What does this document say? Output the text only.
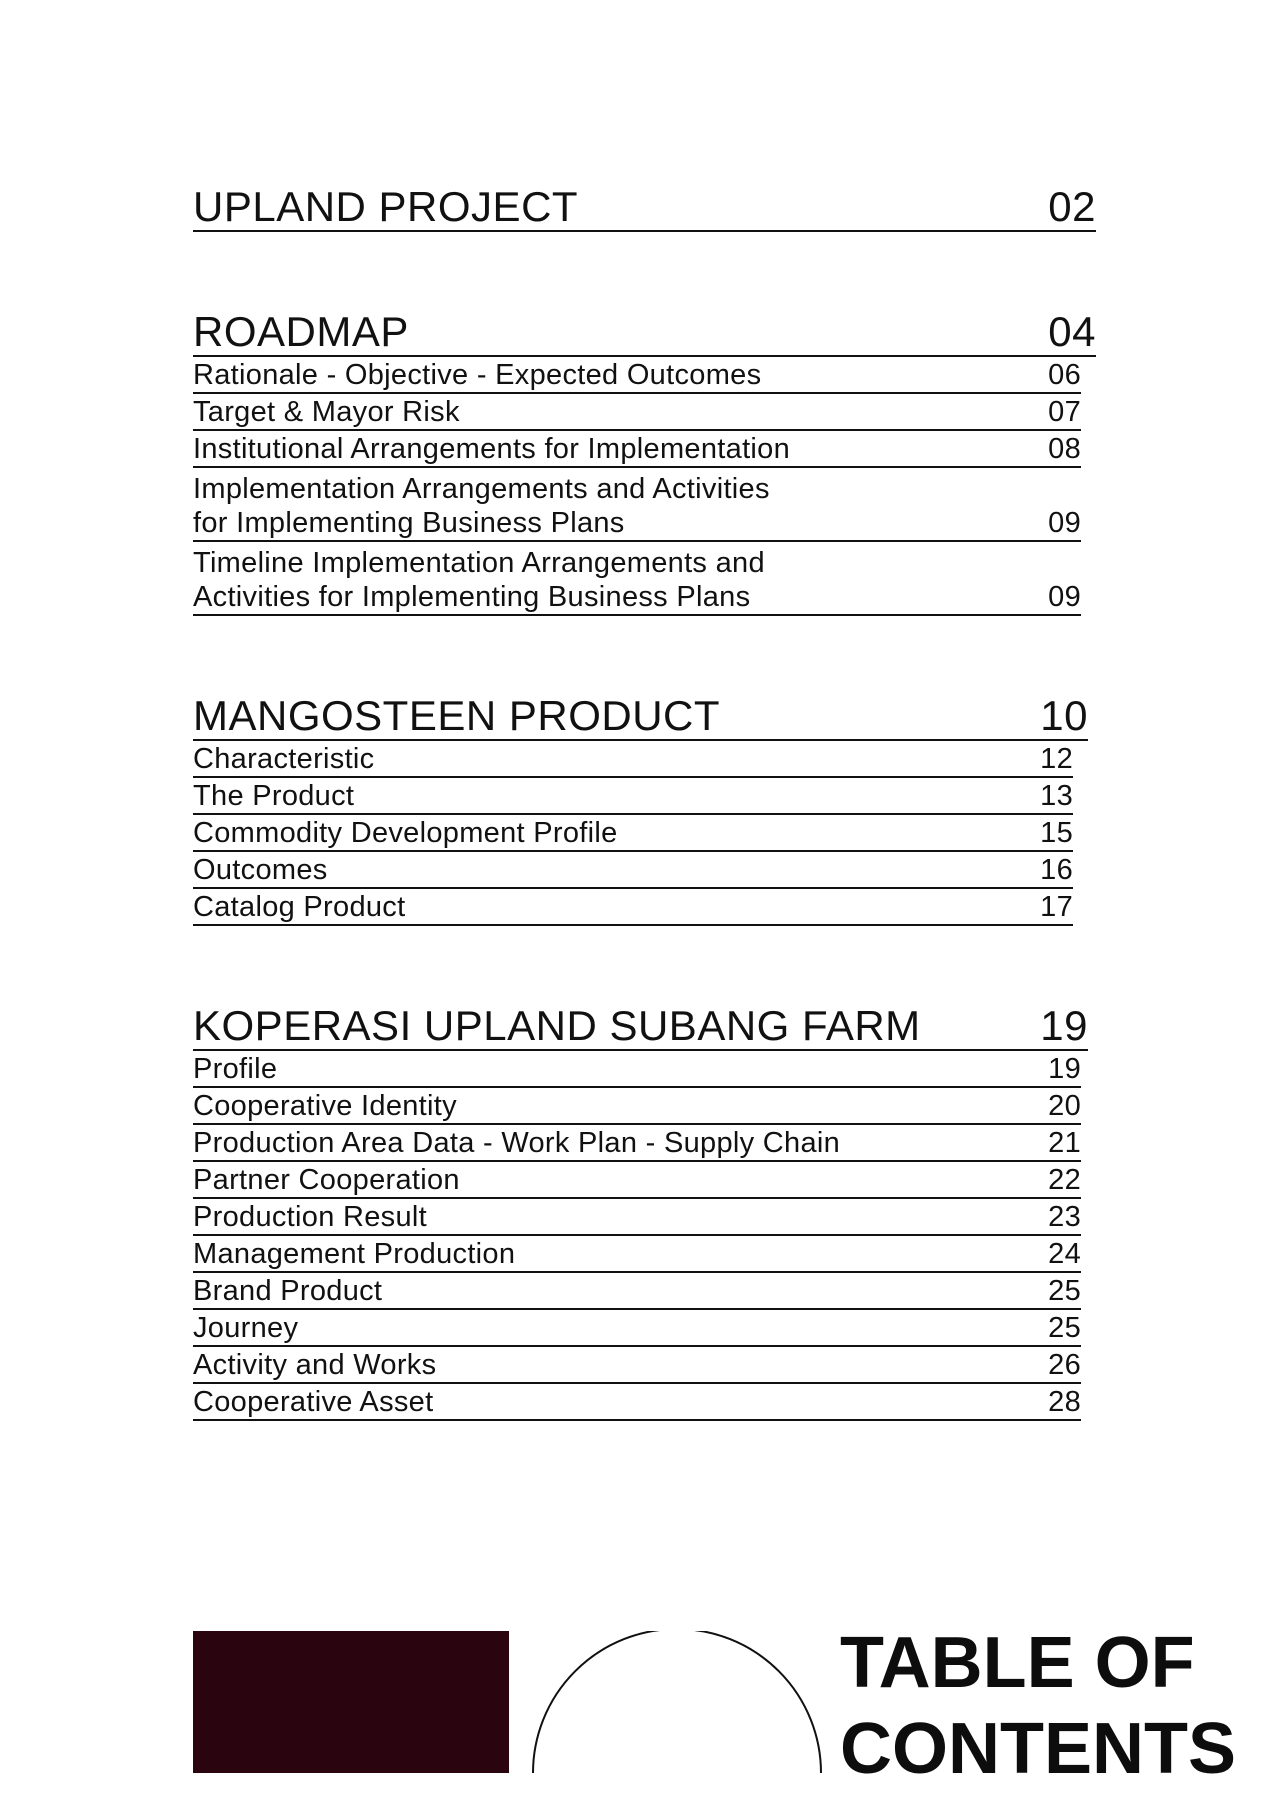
UPLAND PROJECT	02
ROADMAP	04
Rationale - Objective - Expected Outcomes	06
Target & Mayor Risk	07
Institutional Arrangements for Implementation	08
Implementation Arrangements and Activities
for Implementing Business Plans	09
Timeline Implementation Arrangements and
Activities for Implementing Business Plans	09
MANGOSTEEN PRODUCT	10
Characteristic	12
The Product	13
Commodity Development Profile	15
Outcomes	16
Catalog Product	17
KOPERASI UPLAND SUBANG FARM	19
Profile	19
Cooperative Identity	20
Production Area Data - Work Plan - Supply Chain	21
Partner Cooperation	22
Production Result	23
Management Production	24
Brand Product	25
Journey	25
Activity and Works	26
Cooperative Asset	28
TABLE OF
CONTENTS
